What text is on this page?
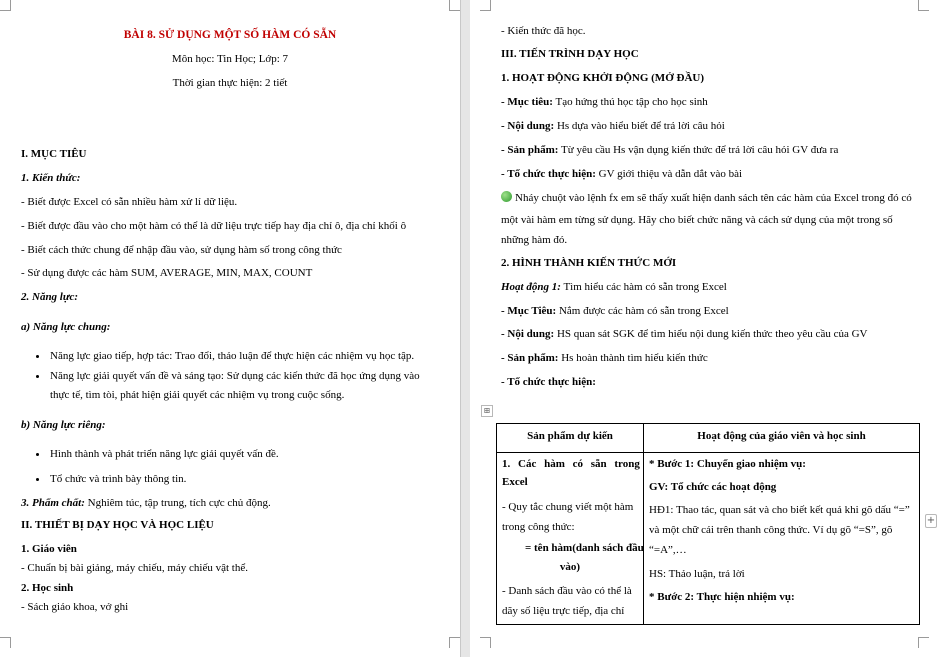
BÀI 8. SỬ DỤNG MỘT SỐ HÀM CÓ SẴN
Môn học: Tin Học; Lớp: 7
Thời gian thực hiện: 2 tiết
I. MỤC TIÊU
1. Kiến thức:
- Biết được Excel có sẵn nhiều hàm xử lí dữ liệu.
- Biết được đầu vào cho một hàm có thể là dữ liệu trực tiếp hay địa chỉ ô, địa chỉ khối ô
- Biết cách thức chung để nhập đầu vào, sử dụng hàm số trong công thức
- Sử dụng được các hàm SUM, AVERAGE, MIN, MAX, COUNT
2. Năng lực:
a) Năng lực chung:
Năng lực giao tiếp, hợp tác: Trao đổi, thảo luận để thực hiện các nhiệm vụ học tập.
Năng lực giải quyết vấn đề và sáng tạo: Sử dụng các kiến thức đã học ứng dụng vào
thực tế, tìm tòi, phát hiện giải quyết các nhiệm vụ trong cuộc sống.
b) Năng lực riêng:
Hình thành và phát triển năng lực giải quyết vấn đề.
Tổ chức và trình bày thông tin.
3. Phẩm chất: Nghiêm túc, tập trung, tích cực chủ động.
II. THIẾT BỊ DẠY HỌC VÀ HỌC LIỆU
1. Giáo viên
- Chuẩn bị bài giảng, máy chiếu, máy chiếu vật thể.
2. Học sinh
- Sách giáo khoa, vở ghi
- Kiến thức đã học.
III. TIẾN TRÌNH DẠY HỌC
1. HOẠT ĐỘNG KHỞI ĐỘNG (MỞ ĐẦU)
- Mục tiêu: Tạo hứng thú học tập cho học sinh
- Nội dung: Hs dựa vào hiểu biết để trả lời câu hỏi
- Sản phẩm: Từ yêu cầu Hs vận dụng kiến thức để trả lời câu hỏi GV đưa ra
- Tổ chức thực hiện: GV giới thiệu và dẫn dắt vào bài
Nháy chuột vào lệnh fx em sẽ thấy xuất hiện danh sách tên các hàm của Excel trong đó có
một vài hàm em từng sử dụng. Hãy cho biết chức năng và cách sử dụng của một trong số
những hàm đó.
2. HÌNH THÀNH KIẾN THỨC MỚI
Hoạt động 1: Tìm hiểu các hàm có sẵn trong Excel
- Mục Tiêu: Nắm được các hàm có sẵn trong Excel
- Nội dung: HS quan sát SGK để tìm hiểu nội dung kiến thức theo yêu cầu của GV
- Sản phẩm: Hs hoàn thành tìm hiểu kiến thức
- Tổ chức thực hiện:
⊞
Sản phẩm dự kiến	Hoạt động của giáo viên và học sinh
1. Các hàm có sẵn trong
Excel
- Quy tắc chung viết một hàm
trong công thức:
= tên hàm(danh sách đầu
vào)
- Danh sách đầu vào có thể là
dãy số liệu trực tiếp, địa chỉ
* Bước 1: Chuyển giao nhiệm vụ:
GV: Tổ chức các hoạt động
HĐ1: Thao tác, quan sát và cho biết kết quả khi gõ dấu “=”
và một chữ cái trên thanh công thức. Ví dụ gõ “=S”, gõ
“=A”,…
HS: Thảo luận, trả lời
* Bước 2: Thực hiện nhiệm vụ:
+
